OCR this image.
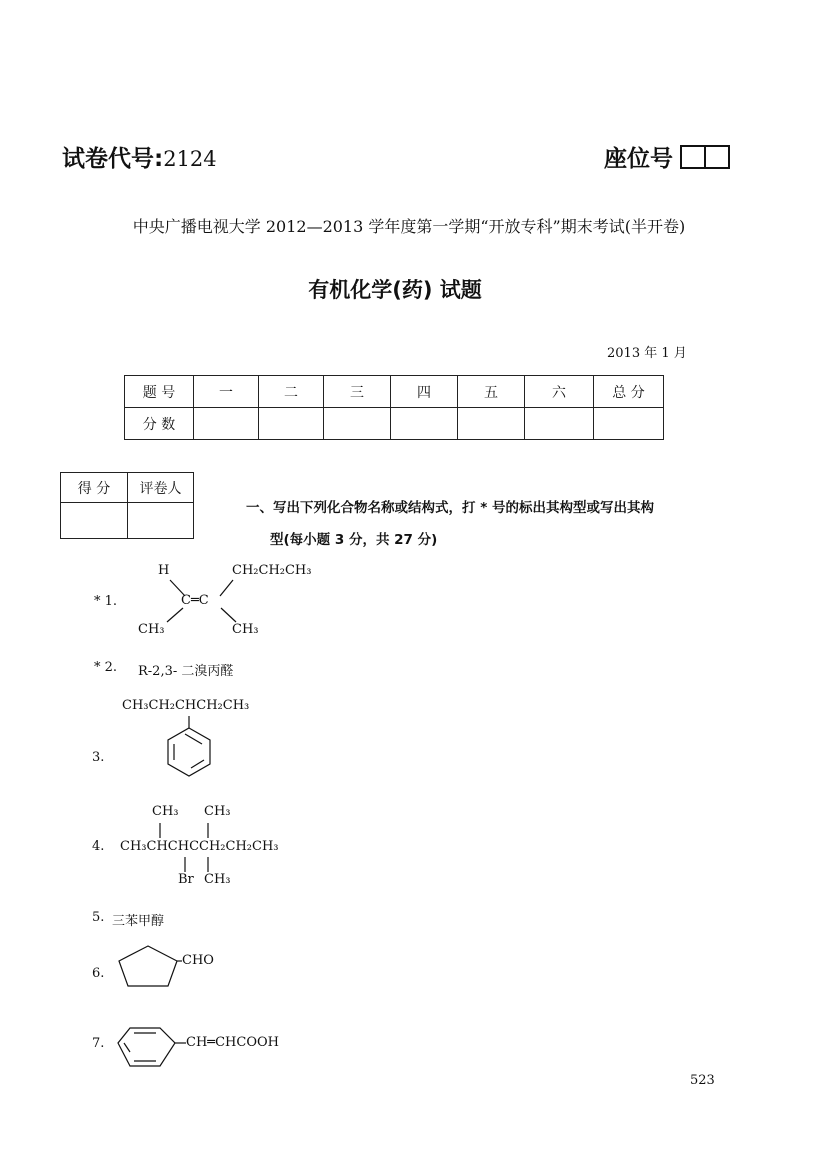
试卷代号:2124	座位号
中央广播电视大学 2012—2013 学年度第一学期“开放专科”期末考试(半开卷)
有机化学(药) 试题
2013 年 1 月
题 号	一	二	三	四	五	六	总 分
分 数							
得 分	评卷人

一、写出下列化合物名称或结构式，打 * 号的标出其构型或写出其构
型(每小题 3 分，共 27 分)
* 1.
H	CH₂CH₂CH₃
C═C
CH₃	CH₃
* 2. R-2,3- 二溴丙醛
CH₃CH₂CHCH₂CH₃
3.
CH₃ CH₃
4. CH₃CHCHCCH₂CH₂CH₃
Br CH₃
5. 三苯甲醇
6.
CHO
7.	CH═CHCOOH
523
